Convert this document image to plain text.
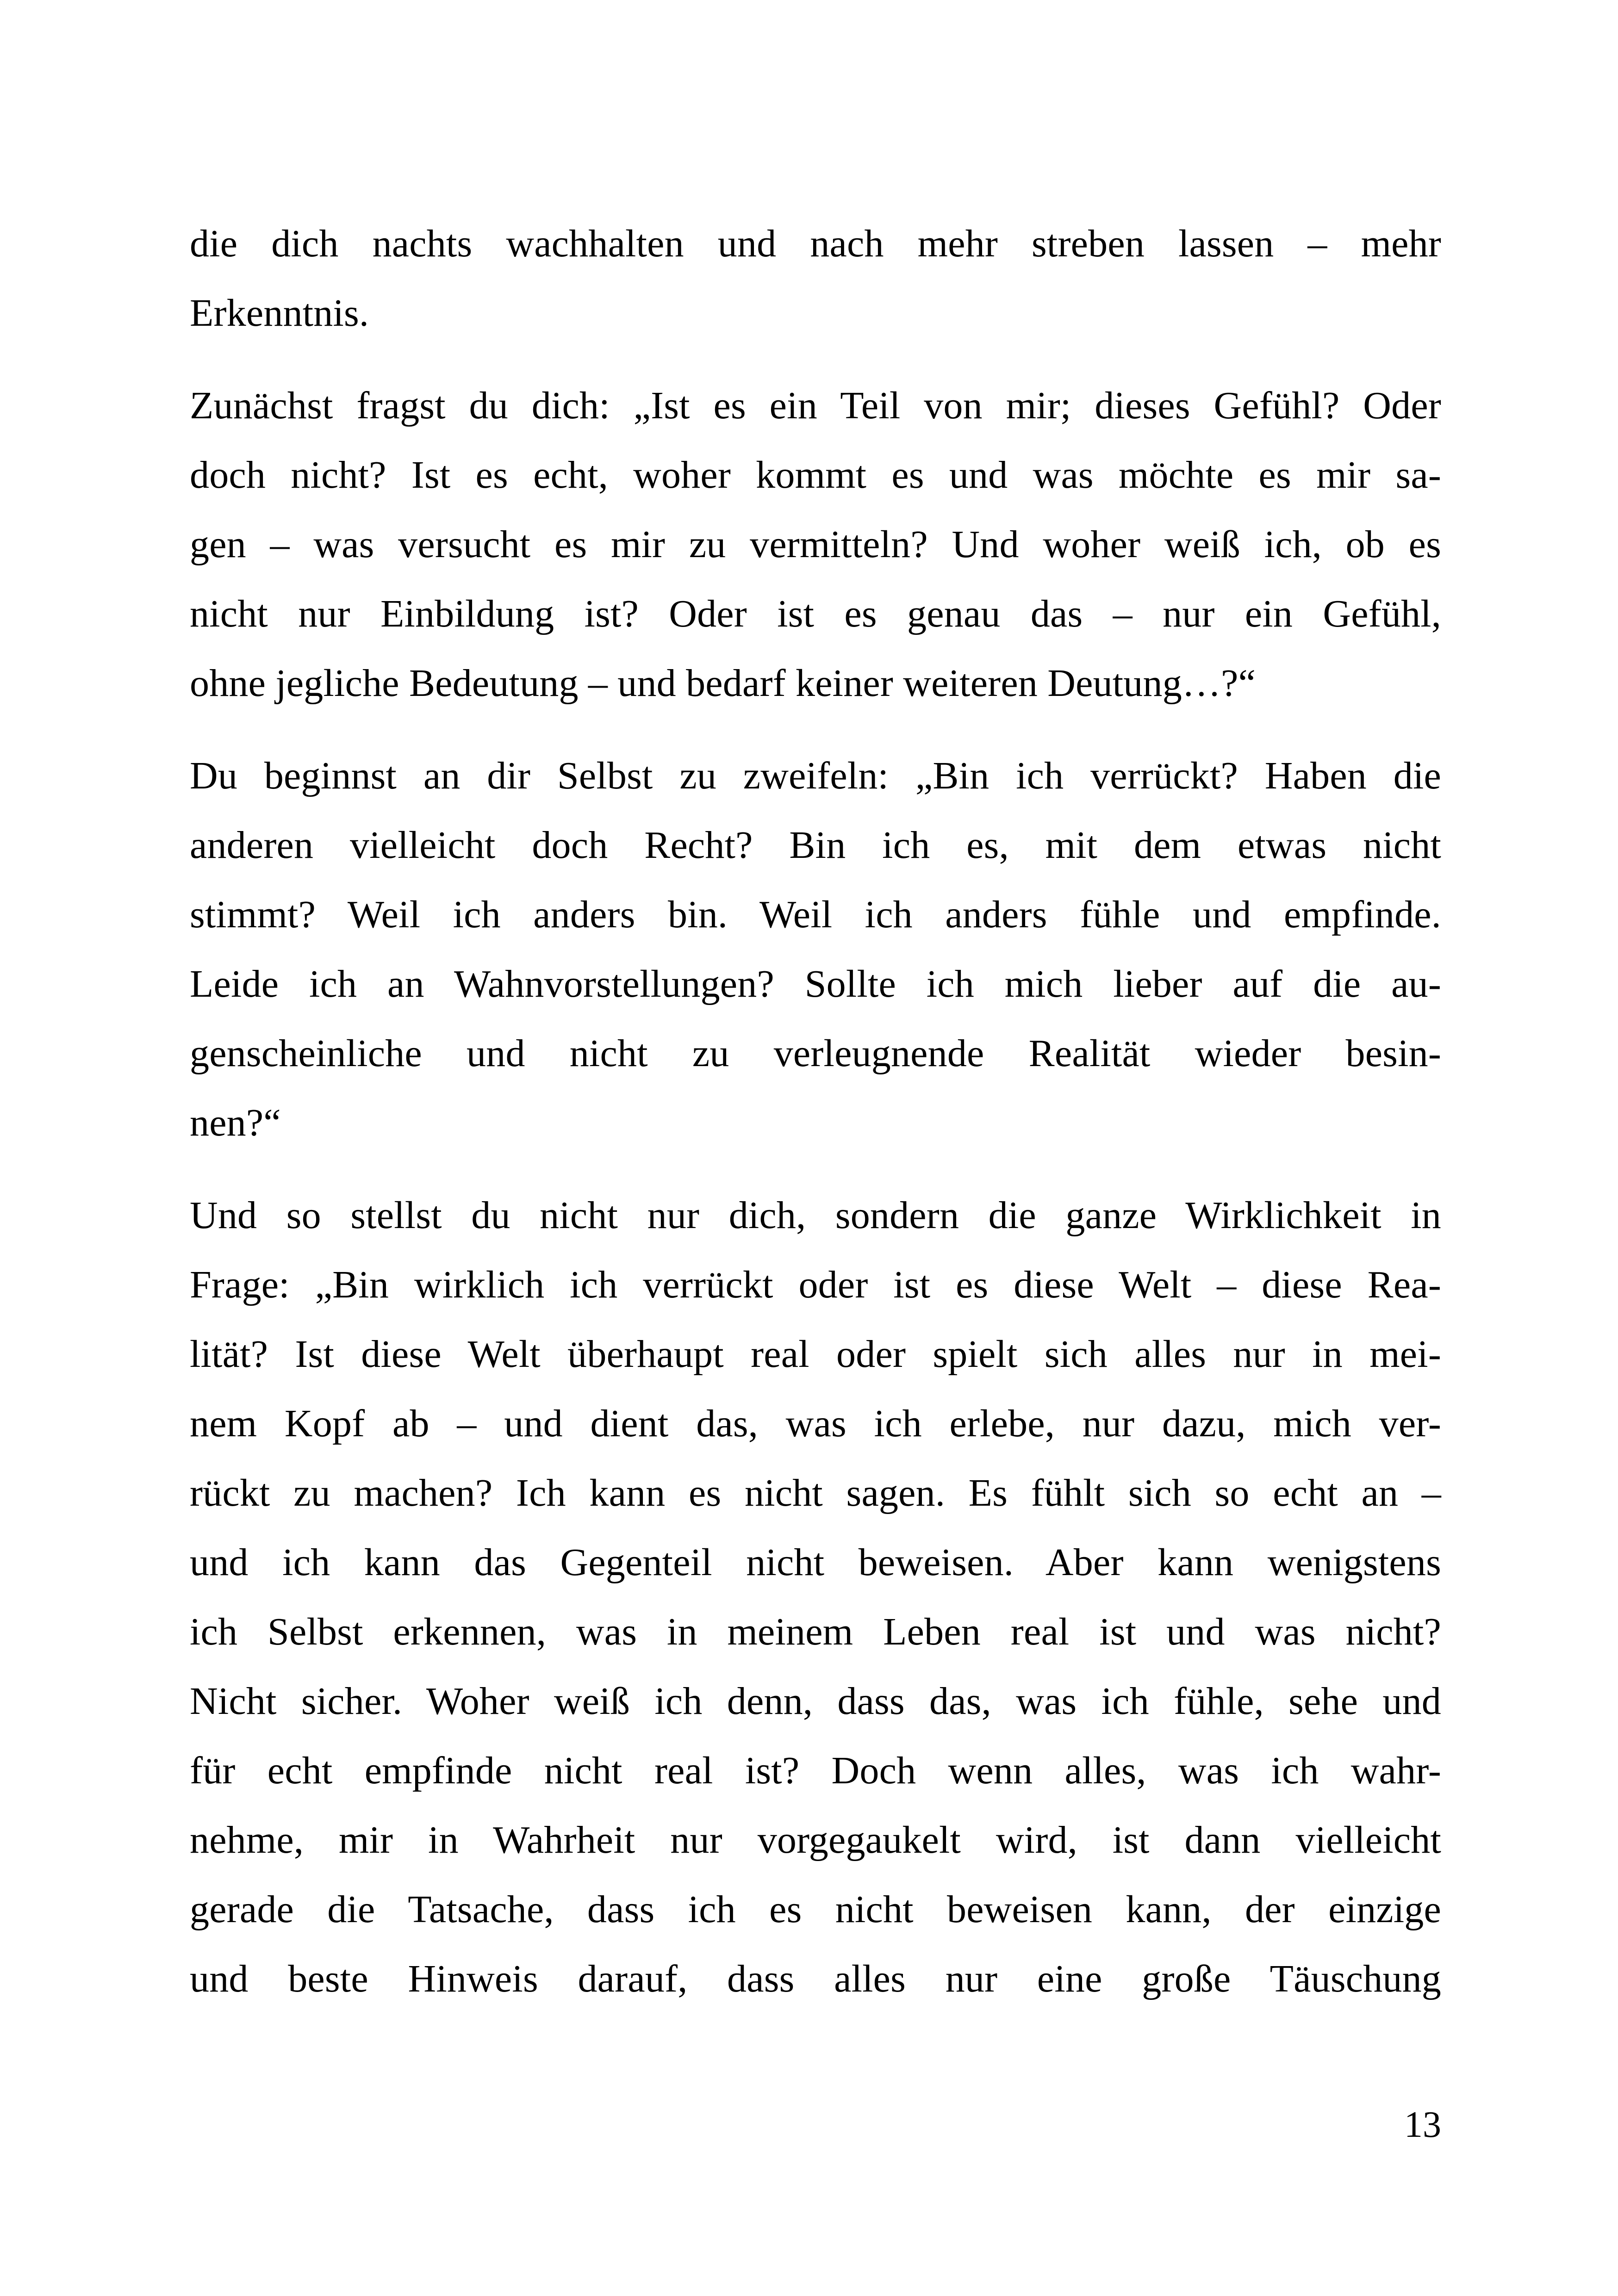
die dich nachts wachhalten und nach mehr streben lassen – mehr
Erkenntnis.
Zunächst fragst du dich: „Ist es ein Teil von mir; dieses Gefühl? Oder
doch nicht? Ist es echt, woher kommt es und was möchte es mir sa-
gen – was versucht es mir zu vermitteln? Und woher weiß ich, ob es
nicht nur Einbildung ist? Oder ist es genau das – nur ein Gefühl,
ohne jegliche Bedeutung – und bedarf keiner weiteren Deutung…?“
Du beginnst an dir Selbst zu zweifeln: „Bin ich verrückt? Haben die
anderen vielleicht doch Recht? Bin ich es, mit dem etwas nicht
stimmt? Weil ich anders bin. Weil ich anders fühle und empfinde.
Leide ich an Wahnvorstellungen? Sollte ich mich lieber auf die au-
genscheinliche und nicht zu verleugnende Realität wieder besin-
nen?“
Und so stellst du nicht nur dich, sondern die ganze Wirklichkeit in
Frage: „Bin wirklich ich verrückt oder ist es diese Welt – diese Rea-
lität? Ist diese Welt überhaupt real oder spielt sich alles nur in mei-
nem Kopf ab – und dient das, was ich erlebe, nur dazu, mich ver-
rückt zu machen? Ich kann es nicht sagen. Es fühlt sich so echt an –
und ich kann das Gegenteil nicht beweisen. Aber kann wenigstens
ich Selbst erkennen, was in meinem Leben real ist und was nicht?
Nicht sicher. Woher weiß ich denn, dass das, was ich fühle, sehe und
für echt empfinde nicht real ist? Doch wenn alles, was ich wahr-
nehme, mir in Wahrheit nur vorgegaukelt wird, ist dann vielleicht
gerade die Tatsache, dass ich es nicht beweisen kann, der einzige
und beste Hinweis darauf, dass alles nur eine große Täuschung
13
